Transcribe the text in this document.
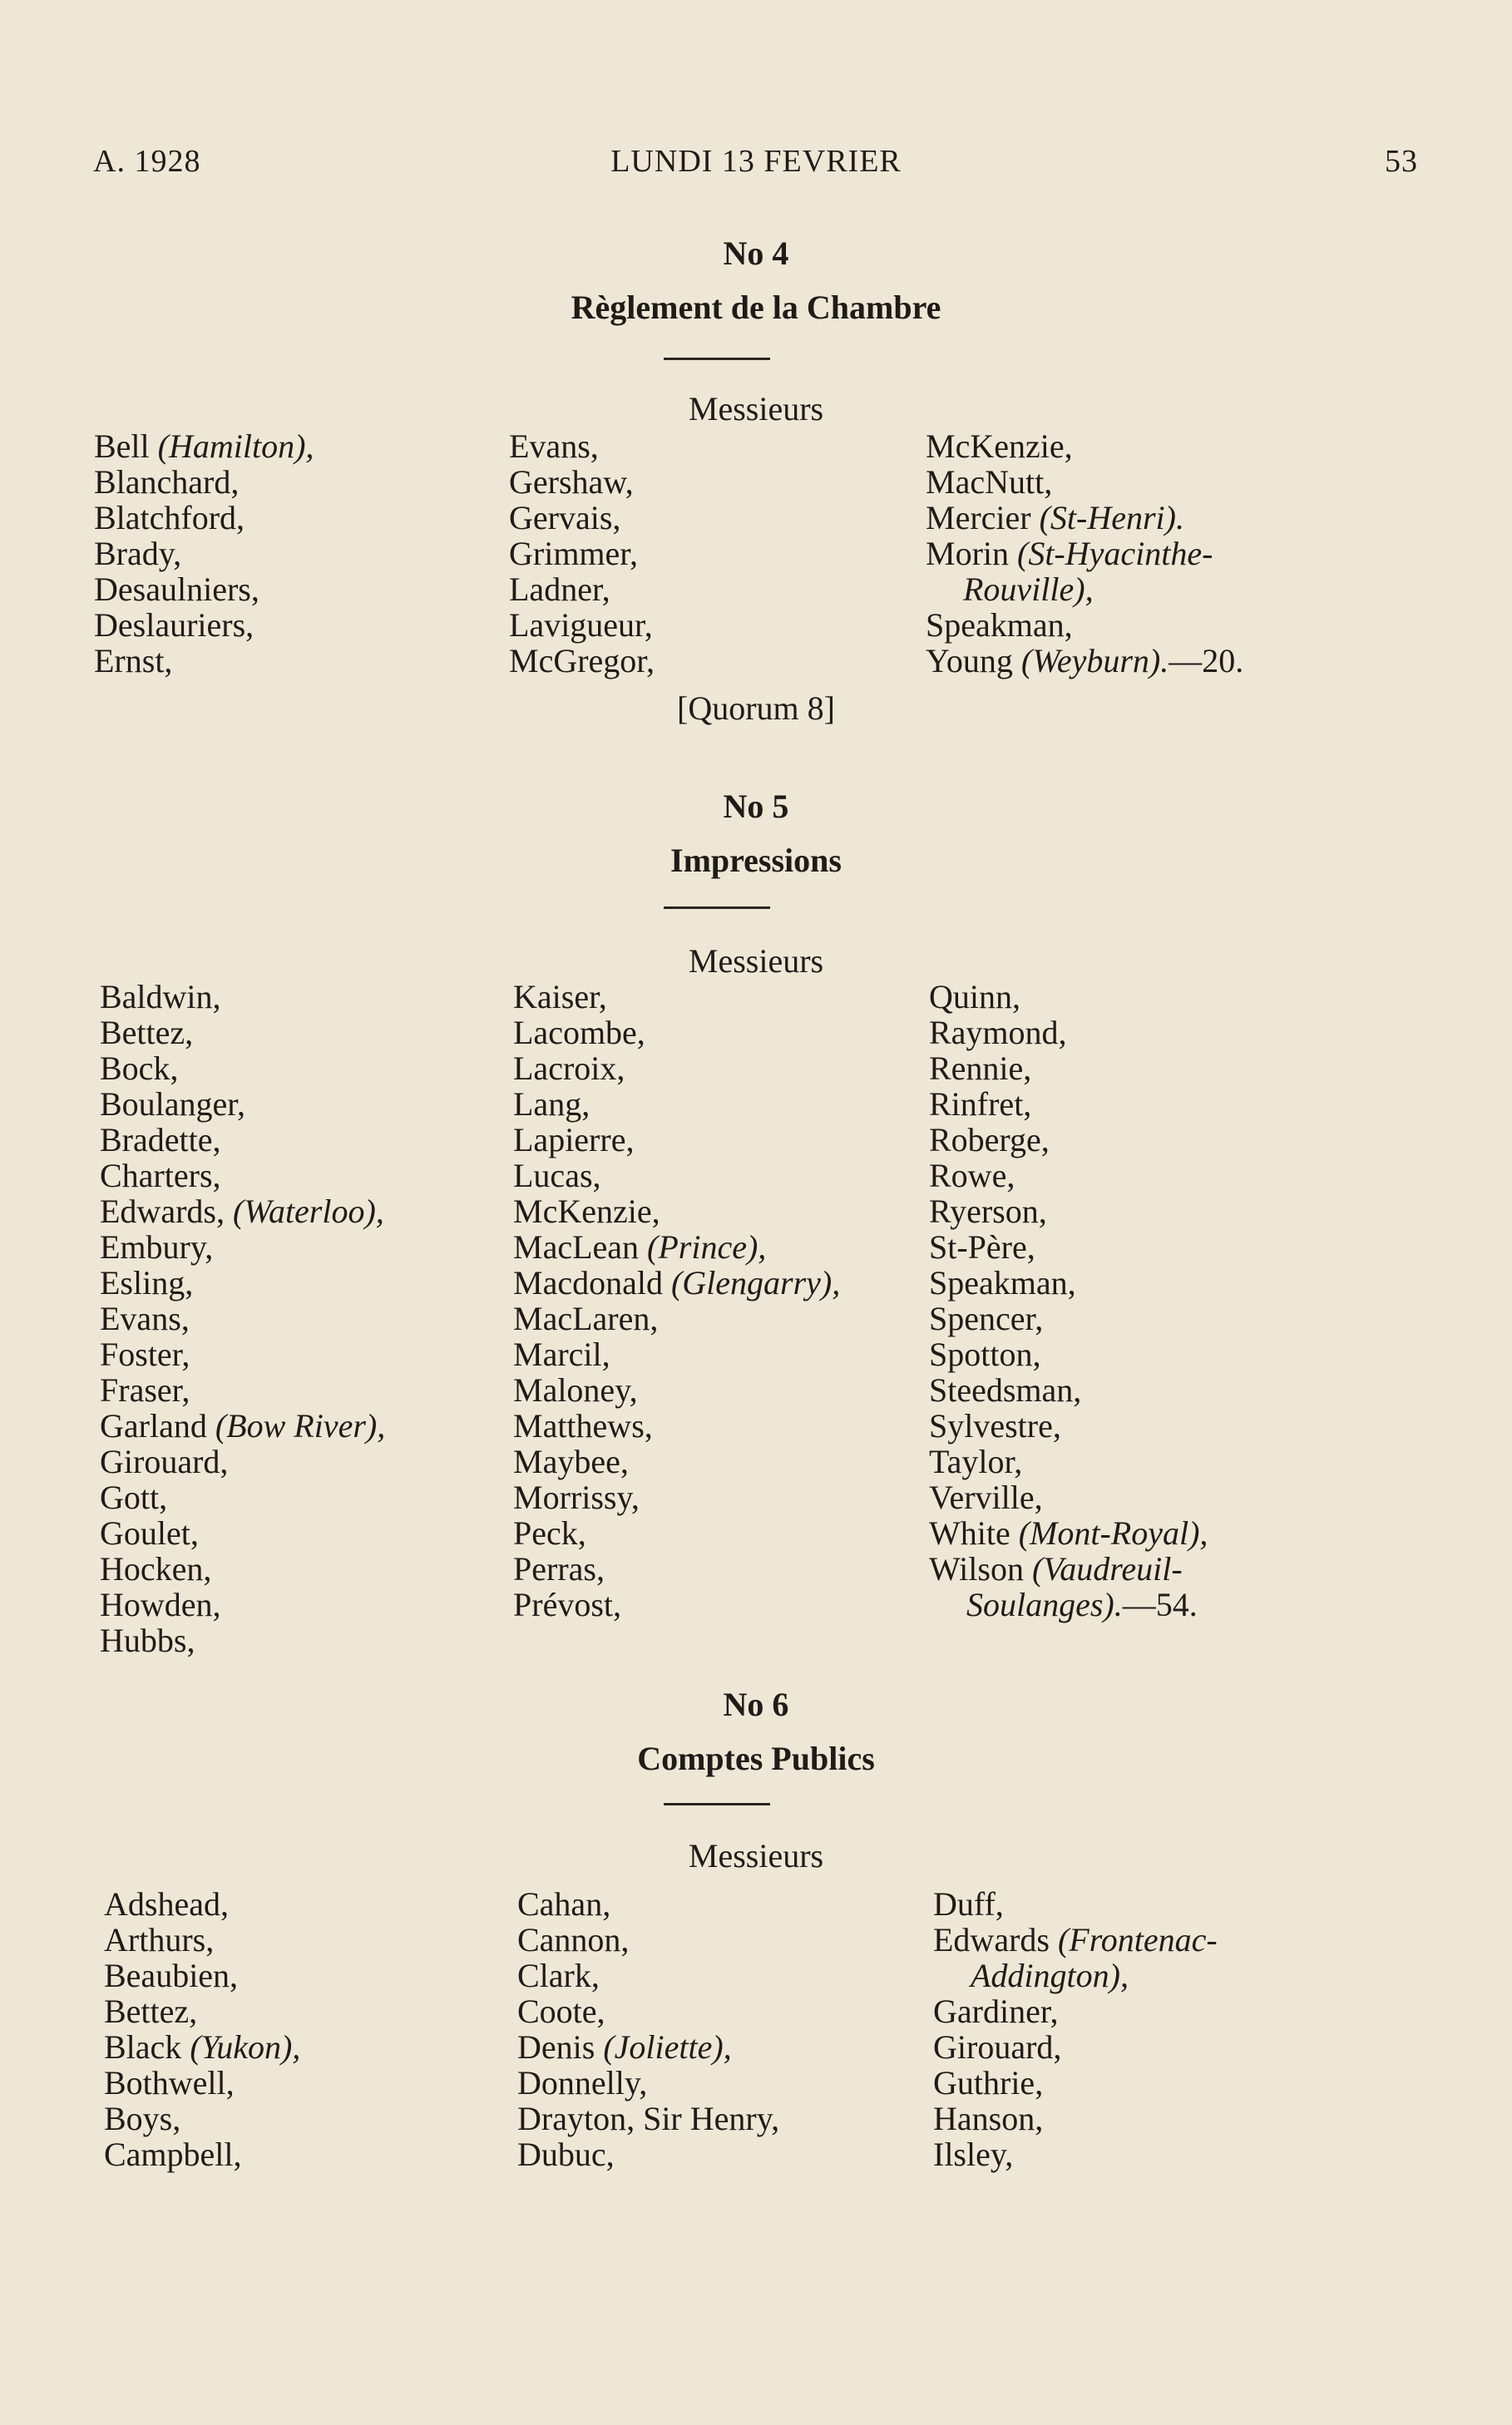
A. 1928	LUNDI 13 FEVRIER	53
No 4
Règlement de la Chambre
Messieurs
Bell (Hamilton),
Blanchard,
Blatchford,
Brady,
Desaulniers,
Deslauriers,
Ernst,
Evans,
Gershaw,
Gervais,
Grimmer,
Ladner,
Lavigueur,
McGregor,
McKenzie,
MacNutt,
Mercier (St-Henri).
Morin (St-Hyacinthe-
Rouville),
Speakman,
Young (Weyburn).—20.
[Quorum 8]
No 5
Impressions
Messieurs
Baldwin,
Bettez,
Bock,
Boulanger,
Bradette,
Charters,
Edwards, (Waterloo),
Embury,
Esling,
Evans,
Foster,
Fraser,
Garland (Bow River),
Girouard,
Gott,
Goulet,
Hocken,
Howden,
Hubbs,
Kaiser,
Lacombe,
Lacroix,
Lang,
Lapierre,
Lucas,
McKenzie,
MacLean (Prince),
Macdonald (Glengarry),
MacLaren,
Marcil,
Maloney,
Matthews,
Maybee,
Morrissy,
Peck,
Perras,
Prévost,
Quinn,
Raymond,
Rennie,
Rinfret,
Roberge,
Rowe,
Ryerson,
St-Père,
Speakman,
Spencer,
Spotton,
Steedsman,
Sylvestre,
Taylor,
Verville,
White (Mont-Royal),
Wilson (Vaudreuil-
Soulanges).—54.
No 6
Comptes Publics
Messieurs
Adshead,
Arthurs,
Beaubien,
Bettez,
Black (Yukon),
Bothwell,
Boys,
Campbell,
Cahan,
Cannon,
Clark,
Coote,
Denis (Joliette),
Donnelly,
Drayton, Sir Henry,
Dubuc,
Duff,
Edwards (Frontenac-
Addington),
Gardiner,
Girouard,
Guthrie,
Hanson,
Ilsley,
